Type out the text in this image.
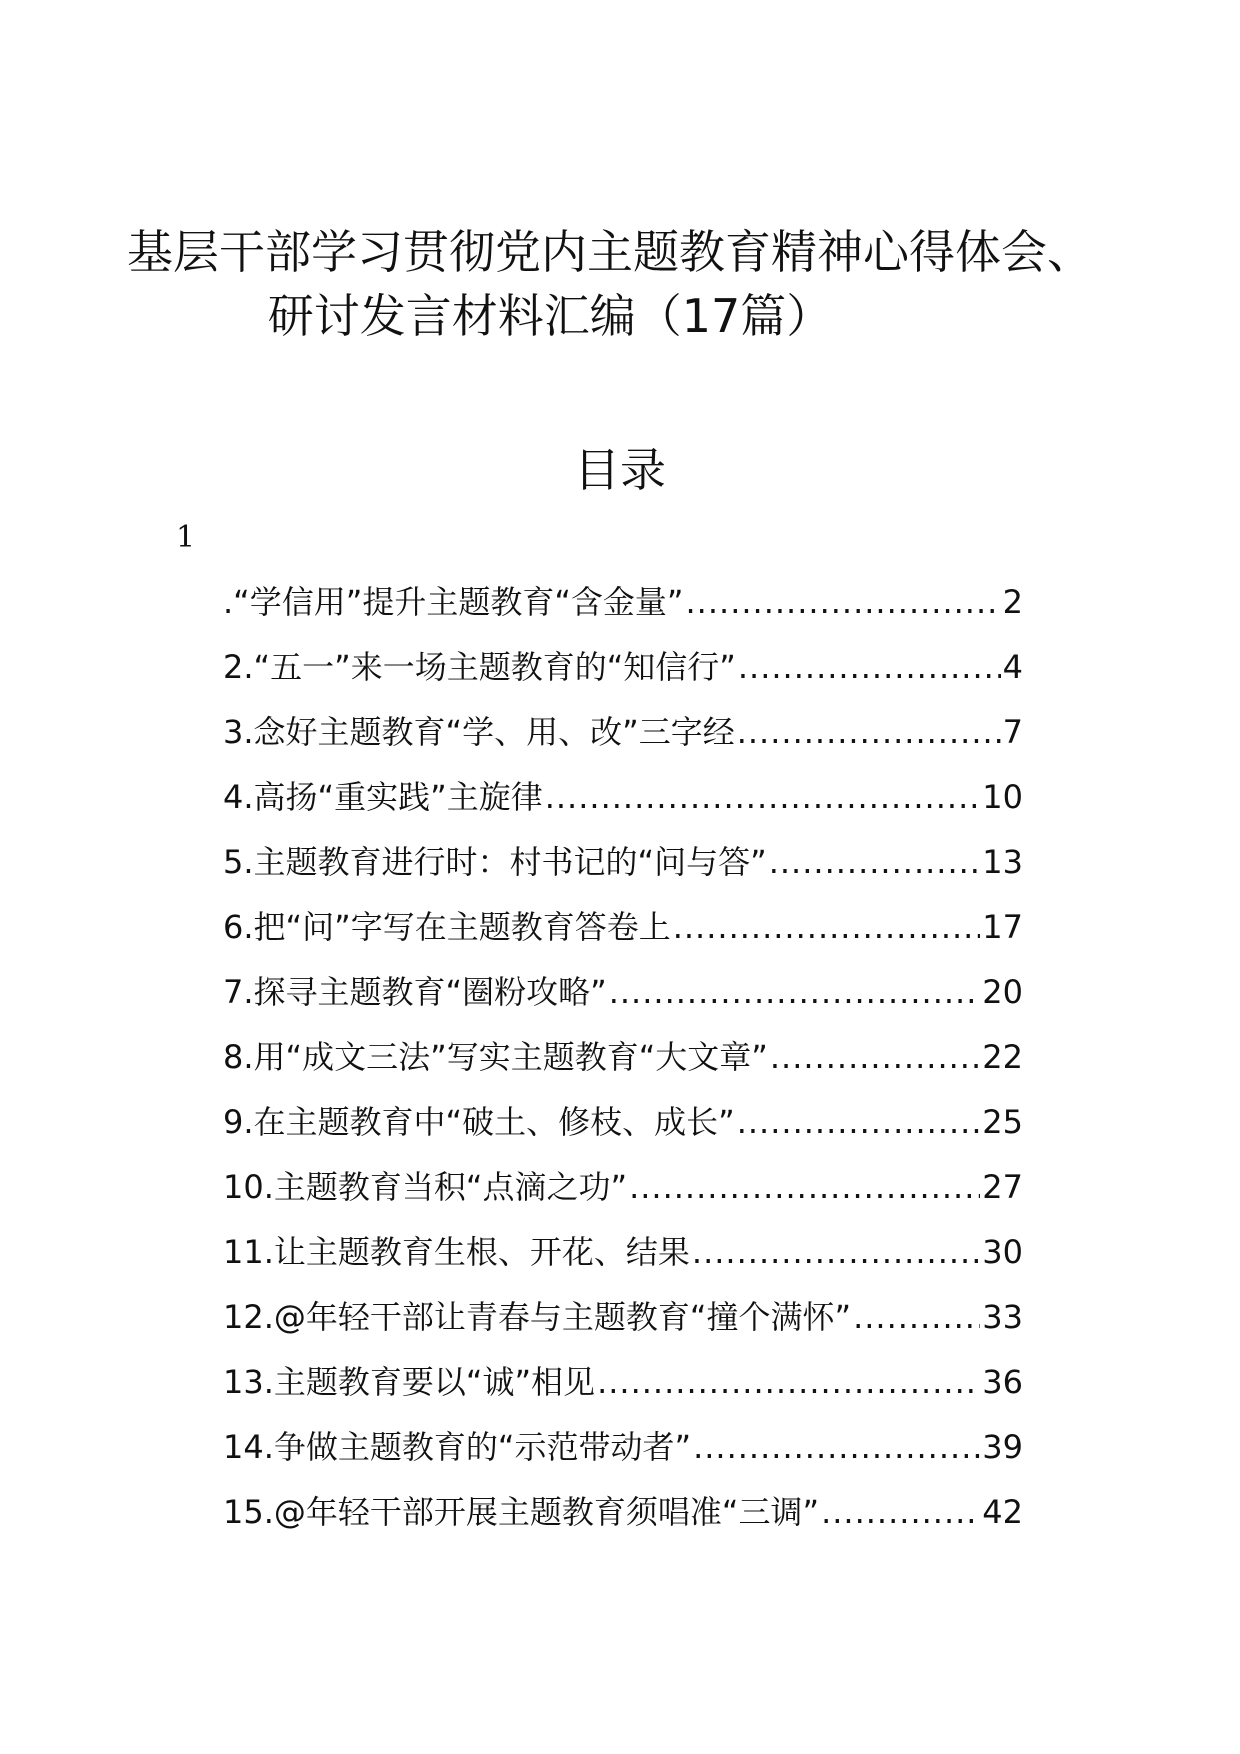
基层干部学习贯彻党内主题教育精神心得体会、
研讨发言材料汇编（17篇）
目录
1
.“学信用”提升主题教育“含金量” .....	2
2.“五一”来一场主题教育的“知信行” .....	4
3.念好主题教育“学、用、改”三字经 .....	7
4.高扬“重实践”主旋律 .....	10
5.主题教育进行时：村书记的“问与答” .....	13
6.把“问”字写在主题教育答卷上 .....	17
7.探寻主题教育“圈粉攻略” .....	20
8.用“成文三法”写实主题教育“大文章” .....	22
9.在主题教育中“破土、修枝、成长” .....	25
10.主题教育当积“点滴之功” .....	27
11.让主题教育生根、开花、结果 .....	30
12.@年轻干部让青春与主题教育“撞个满怀” .....	33
13.主题教育要以“诚”相见 .....	36
14.争做主题教育的“示范带动者” .....	39
15.@年轻干部开展主题教育须唱准“三调” .....	42
